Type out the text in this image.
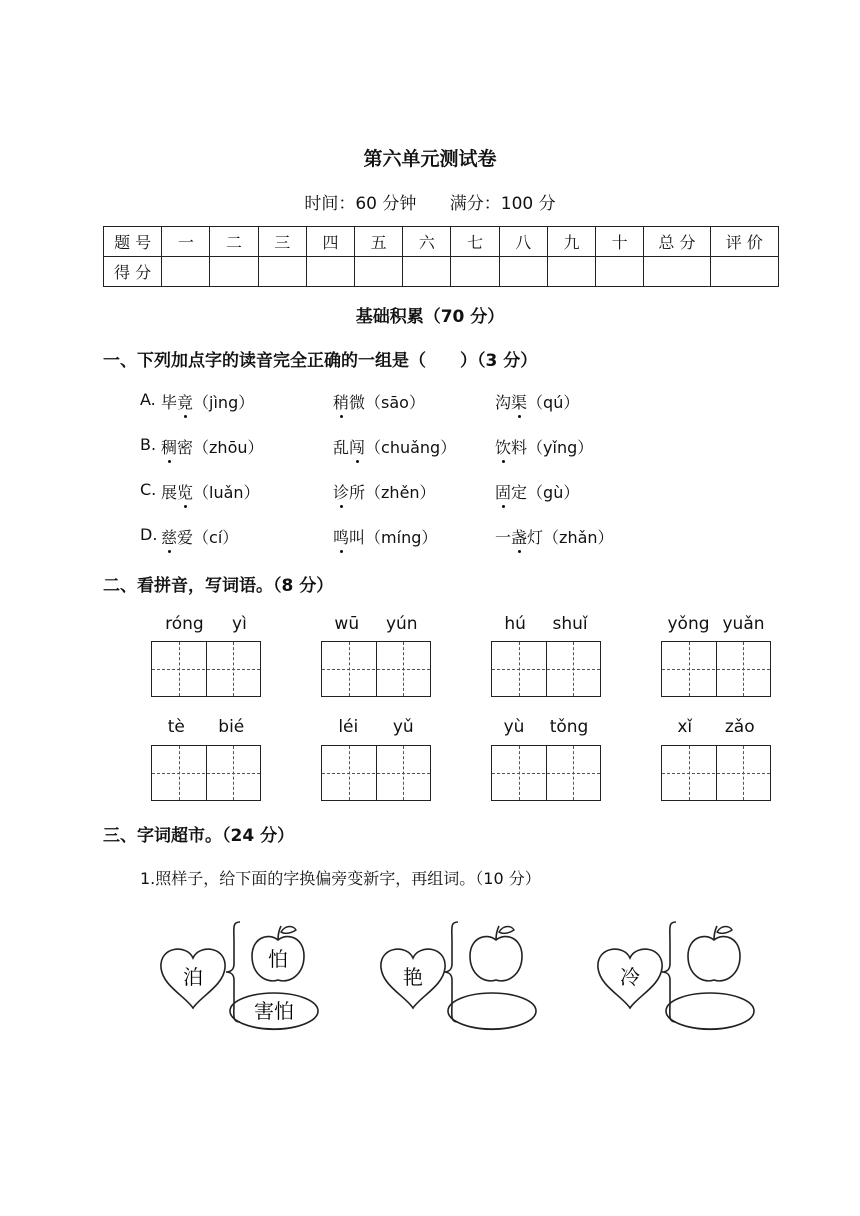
第六单元测试卷
时间：60 分钟 满分：100 分
题 号	一	二	三	四	五	六	七	八	九	十	总 分	评 价
得 分												
基础积累（70 分）
一、下列加点字的读音完全正确的一组是（　　）（3 分）
A. 毕竟（jìng）	稍微（sāo）	沟渠（qú）
B. 稠密（zhōu）	乱闯（chuǎng） 饮料（yǐng）
C. 展览（luǎn）	诊所（zhěn）	固定（gù）
D. 慈爱（cí）	鸣叫（míng）	一盏灯（zhǎn）
二、看拼音，写词语。（8 分）
róng yì	wū yún	hú shuǐ	yǒng yuǎn
tè bié	léi yǔ	yù tǒng	xǐ zǎo
三、字词超市。（24 分）
1.照样子，给下面的字换偏旁变新字，再组词。（10 分）
泊
怕
害怕
艳	冷
